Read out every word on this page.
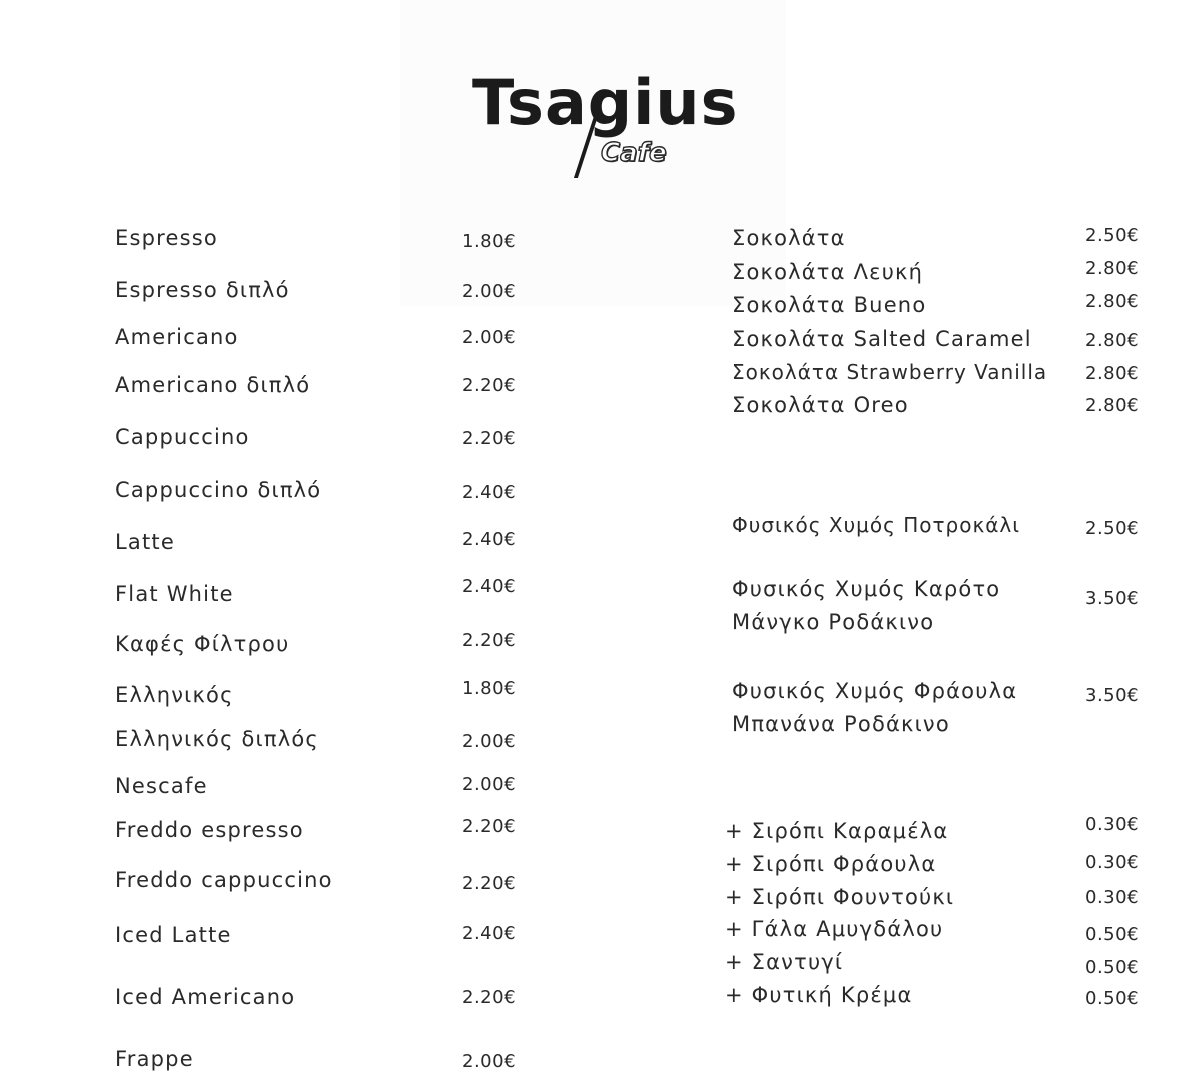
Tsagius
Cafe
Espresso	1.80€
Espresso διπλό	2.00€
Americano	2.00€
Americano διπλό	2.20€
Cappuccino	2.20€
Cappuccino διπλό	2.40€
Latte	2.40€
Flat White	2.40€
Καφές Φίλτρου	2.20€
Ελληνικός	1.80€
Ελληνικός διπλός	2.00€
Nescafe	2.00€
Freddo espresso	2.20€
Freddo cappuccino	2.20€
Iced Latte	2.40€
Iced Americano	2.20€
Frappe	2.00€
Σοκολάτα	2.50€
Σοκολάτα Λευκή	2.80€
Σοκολάτα Bueno	2.80€
Σοκολάτα Salted Caramel	2.80€
Σοκολάτα Strawberry Vanilla 2.80€
Σοκολάτα Oreo	2.80€
Φυσικός Χυμός Ποτροκάλι	2.50€
Φυσικός Χυμός Καρότο Μάνγκο Ροδάκινο
3.50€
Φυσικός Χυμός Φράουλα Μπανάνα Ροδάκινο
3.50€
+ Σιρόπι Καραμέλα	0.30€
+ Σιρόπι Φράουλα	0.30€
+ Σιρόπι Φουντούκι	0.30€
+ Γάλα Αμυγδάλου	0.50€
+ Σαντυγί	0.50€
+ Φυτική Κρέμα	0.50€
